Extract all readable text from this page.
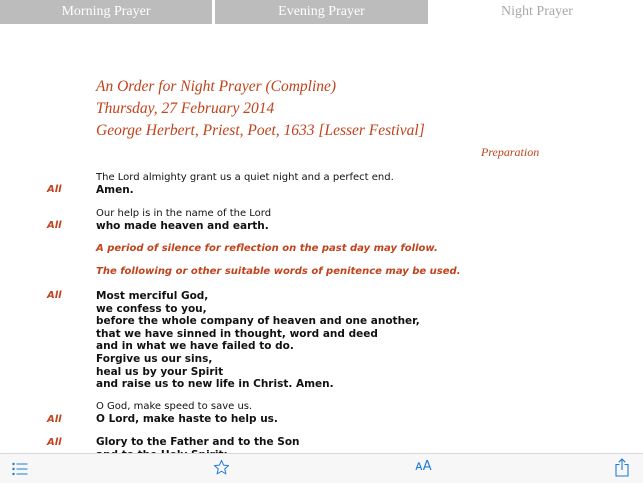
Morning Prayer	Evening Prayer	Night Prayer
An Order for Night Prayer (Compline)
Thursday, 27 February 2014
George Herbert, Priest, Poet, 1633 [Lesser Festival]
Preparation
The Lord almighty grant us a quiet night and a perfect end.
All	Amen.
Our help is in the name of the Lord
All	who made heaven and earth.
A period of silence for reflection on the past day may follow.
The following or other suitable words of penitence may be used.
All	Most merciful God,
we confess to you,
before the whole company of heaven and one another,
that we have sinned in thought, word and deed
and in what we have failed to do.
Forgive us our sins,
heal us by your Spirit
and raise us to new life in Christ. Amen.
O God, make speed to save us.
All	O Lord, make haste to help us.
All	Glory to the Father and to the Son
ᴀA
